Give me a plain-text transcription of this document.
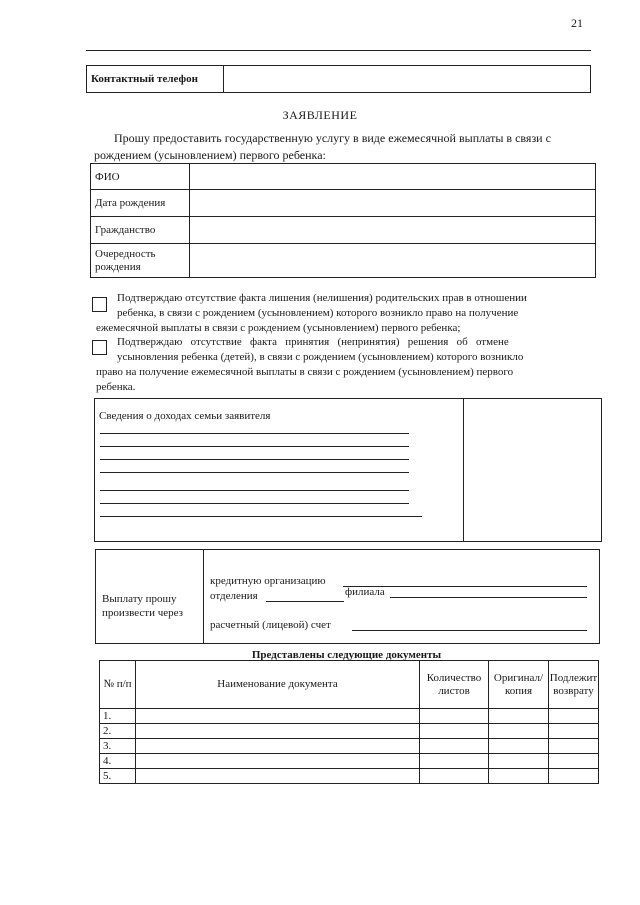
21
Контактный телефон	
ЗАЯВЛЕНИЕ
Прошу предоставить государственную услугу в виде ежемесячной выплаты в связи с
рождением (усыновлением) первого ребенка:
ФИО	
Дата рождения	
Гражданство	
Очередность рождения	
Подтверждаю отсутствие факта лишения (нелишения) родительских прав в отношении
ребенка, в связи с рождением (усыновлением) которого возникло право на получение
ежемесячной выплаты в связи с рождением (усыновлением) первого ребенка;
Подтверждаю   отсутствие   факта   принятия   (непринятия)   решения   об   отмене
усыновления ребенка (детей), в связи с рождением (усыновлением) которого возникло
право на получение ежемесячной выплаты в связи с рождением (усыновлением) первого
ребенка.
Сведения о доходах семьи заявителя
Выплату прошу
произвести через
кредитную организацию
отделения	филиала
расчетный (лицевой) счет
Представлены следующие документы
№ п/п	Наименование документа	Количество листов	Оригинал/копия	Подлежит возврату
1.				
2.				
3.				
4.				
5.				
